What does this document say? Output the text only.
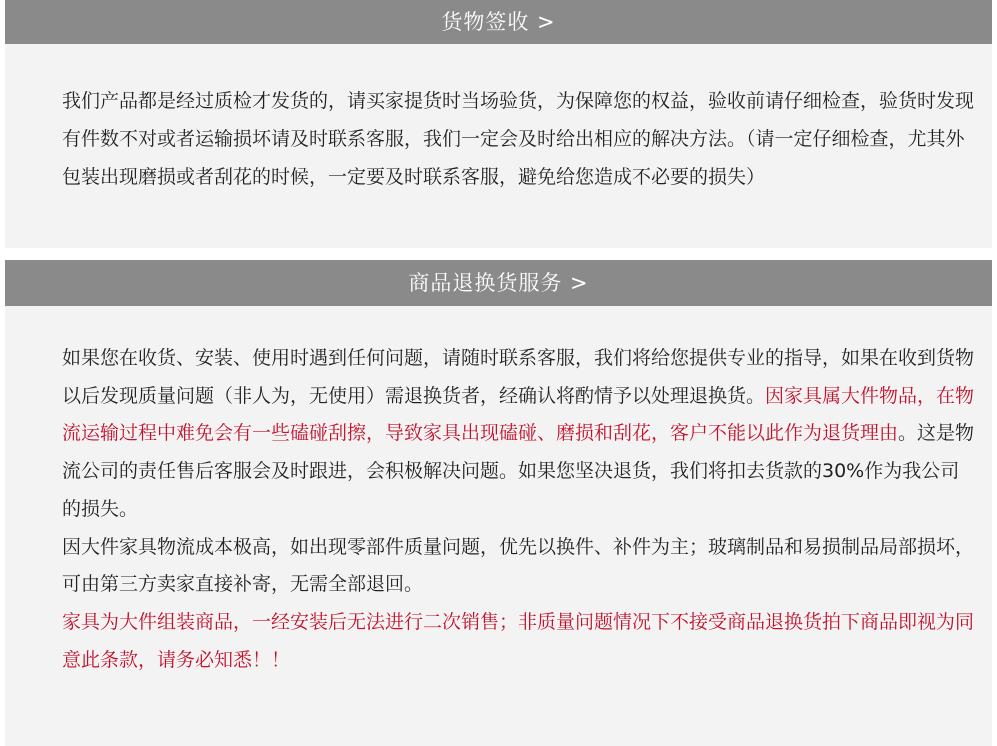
货物签收 >

我们产品都是经过质检才发货的，请买家提货时当场验货，为保障您的权益，验收前请仔细检查，验货时发现有件数不对或者运输损坏请及时联系客服，我们一定会及时给出相应的解决方法。（请一定仔细检查，尤其外包装出现磨损或者刮花的时候，一定要及时联系客服，避免给您造成不必要的损失）

商品退换货服务 >

如果您在收货、安装、使用时遇到任何问题，请随时联系客服，我们将给您提供专业的指导，如果在收到货物以后发现质量问题（非人为，无使用）需退换货者，经确认将酌情予以处理退换货。因家具属大件物品，在物流运输过程中难免会有一些磕碰刮擦，导致家具出现磕碰、磨损和刮花，客户不能以此作为退货理由。这是物流公司的责任售后客服会及时跟进，会积极解决问题。如果您坚决退货，我们将扣去货款的30%作为我公司的损失。

因大件家具物流成本极高，如出现零部件质量问题，优先以换件、补件为主；玻璃制品和易损制品局部损坏，可由第三方卖家直接补寄，无需全部退回。

家具为大件组装商品，一经安装后无法进行二次销售；非质量问题情况下不接受商品退换货拍下商品即视为同意此条款，请务必知悉！！
